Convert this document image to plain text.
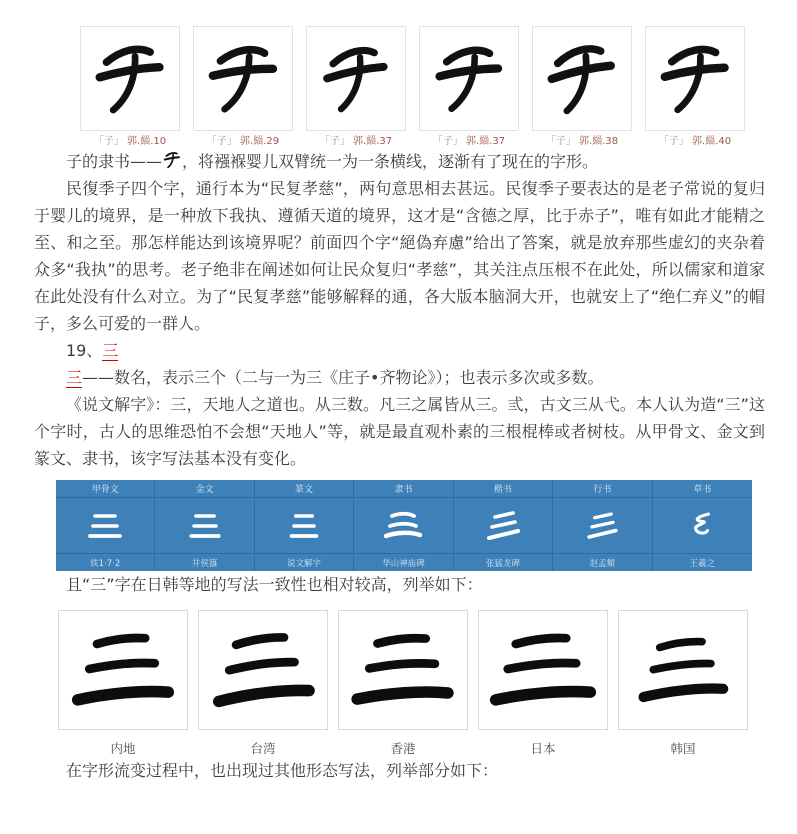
「子」 郭.緇.10	「子」 郭.緇.29	「子」 郭.緇.37	「子」 郭.緇.37	「子」 郭.緇.38	「子」 郭.緇.40

子的隶书—— ，将襁褓婴儿双臂统一为一条横线，逐渐有了现在的字形。

民復季子四个字，通行本为“民复孝慈”，两句意思相去甚远。民復季子要表达的是老子常说的复归于婴儿的境界，是一种放下我执、遵循天道的境界，这才是“含德之厚，比于赤子”，唯有如此才能精之至、和之至。那怎样能达到该境界呢？前面四个字“絕偽弃慮”给出了答案，就是放弃那些虚幻的夹杂着众多“我执”的思考。老子绝非在阐述如何让民众复归“孝慈”，其关注点压根不在此处，所以儒家和道家在此处没有什么对立。为了“民复孝慈”能够解释的通，各大版本脑洞大开，也就安上了“绝仁弃义”的帽子，多么可爱的一群人。

19、三

三——数名，表示三个（二与一为三《庄子•齐物论》）；也表示多次或多数。

《说文解字》：三，天地人之道也。从三数。凡三之属皆从三。弎，古文三从弋。本人认为造“三”这个字时，古人的思维恐怕不会想“天地人”等，就是最直观朴素的三根棍棒或者树枝。从甲骨文、金文到篆文、隶书，该字写法基本没有变化。

甲骨文	金文	篆文	隶书	楷书	行书	草书
铁1·7·2	井侯簋	说文解字	华山神庙碑	张猛龙碑	赵孟頫	王羲之

且“三”字在日韩等地的写法一致性也相对较高，列举如下：

内地	台湾	香港	日本	韩国

在字形流变过程中，也出现过其他形态写法，列举部分如下：
